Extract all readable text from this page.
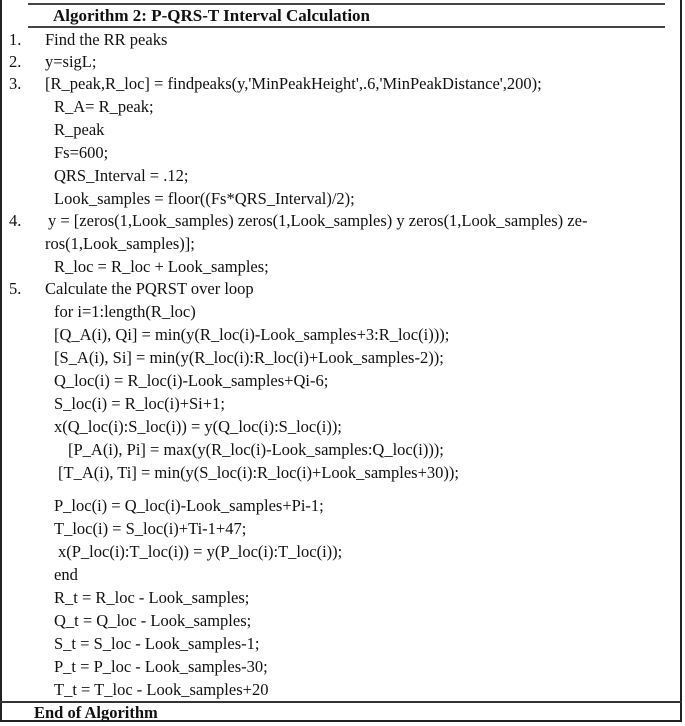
Algorithm 2: P-QRS-T Interval Calculation
1. Find the RR peaks
2. y=sigL;
3. [R_peak,R_loc] = findpeaks(y,'MinPeakHeight',.6,'MinPeakDistance',200);
R_A= R_peak;
R_peak
Fs=600;
QRS_Interval = .12;
Look_samples = floor((Fs*QRS_Interval)/2);
4. y = [zeros(1,Look_samples) zeros(1,Look_samples) y zeros(1,Look_samples) ze-
ros(1,Look_samples)];
R_loc = R_loc + Look_samples;
5. Calculate the PQRST over loop
for i=1:length(R_loc)
[Q_A(i), Qi] = min(y(R_loc(i)-Look_samples+3:R_loc(i)));
[S_A(i), Si] = min(y(R_loc(i):R_loc(i)+Look_samples-2));
Q_loc(i) = R_loc(i)-Look_samples+Qi-6;
S_loc(i) = R_loc(i)+Si+1;
x(Q_loc(i):S_loc(i)) = y(Q_loc(i):S_loc(i));
[P_A(i), Pi] = max(y(R_loc(i)-Look_samples:Q_loc(i)));
[T_A(i), Ti] = min(y(S_loc(i):R_loc(i)+Look_samples+30));
P_loc(i) = Q_loc(i)-Look_samples+Pi-1;
T_loc(i) = S_loc(i)+Ti-1+47;
x(P_loc(i):T_loc(i)) = y(P_loc(i):T_loc(i));
end
R_t = R_loc - Look_samples;
Q_t = Q_loc - Look_samples;
S_t = S_loc - Look_samples-1;
P_t = P_loc - Look_samples-30;
T_t = T_loc - Look_samples+20
End of Algorithm
